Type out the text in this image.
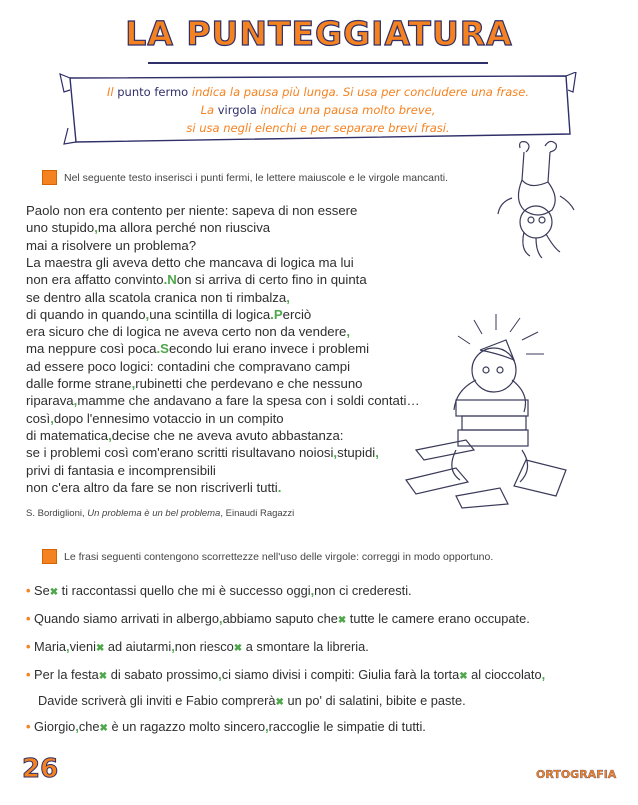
LA PUNTEGGIATURA
Il punto fermo indica la pausa più lunga. Si usa per concludere una frase.
La virgola indica una pausa molto breve,
si usa negli elenchi e per separare brevi frasi.
Nel seguente testo inserisci i punti fermi, le lettere maiuscole e le virgole mancanti.
Paolo non era contento per niente: sapeva di non essere
uno stupido,ma allora perché non riusciva
mai a risolvere un problema?
La maestra gli aveva detto che mancava di logica ma lui
non era affatto convinto.Non si arriva di certo fino in quinta
se dentro alla scatola cranica non ti rimbalza,
di quando in quando,una scintilla di logica.Perciò
era sicuro che di logica ne aveva certo non da vendere,
ma neppure così poca.Secondo lui erano invece i problemi
ad essere poco logici: contadini che compravano campi
dalle forme strane,rubinetti che perdevano e che nessuno
riparava,mamme che andavano a fare la spesa con i soldi contati…
così,dopo l'ennesimo votaccio in un compito
di matematica,decise che ne aveva avuto abbastanza:
se i problemi così com'erano scritti risultavano noiosi,stupidi,
privi di fantasia e incomprensibili
non c'era altro da fare se non riscriverli tutti.
S. Bordiglioni, Un problema è un bel problema, Einaudi Ragazzi
Le frasi seguenti contengono scorrettezze nell'uso delle virgole: correggi in modo opportuno.
• Se✖ ti raccontassi quello che mi è successo oggi,non ci crederesti.
• Quando siamo arrivati in albergo,abbiamo saputo che✖ tutte le camere erano occupate.
• Maria,vieni✖ ad aiutarmi,non riesco✖ a smontare la libreria.
• Per la festa✖ di sabato prossimo,ci siamo divisi i compiti: Giulia farà la torta✖ al cioccolato,
Davide scriverà gli inviti e Fabio comprerà✖ un po' di salatini, bibite e paste.
• Giorgio,che✖ è un ragazzo molto sincero,raccoglie le simpatie di tutti.
26	ORTOGRAFIA
